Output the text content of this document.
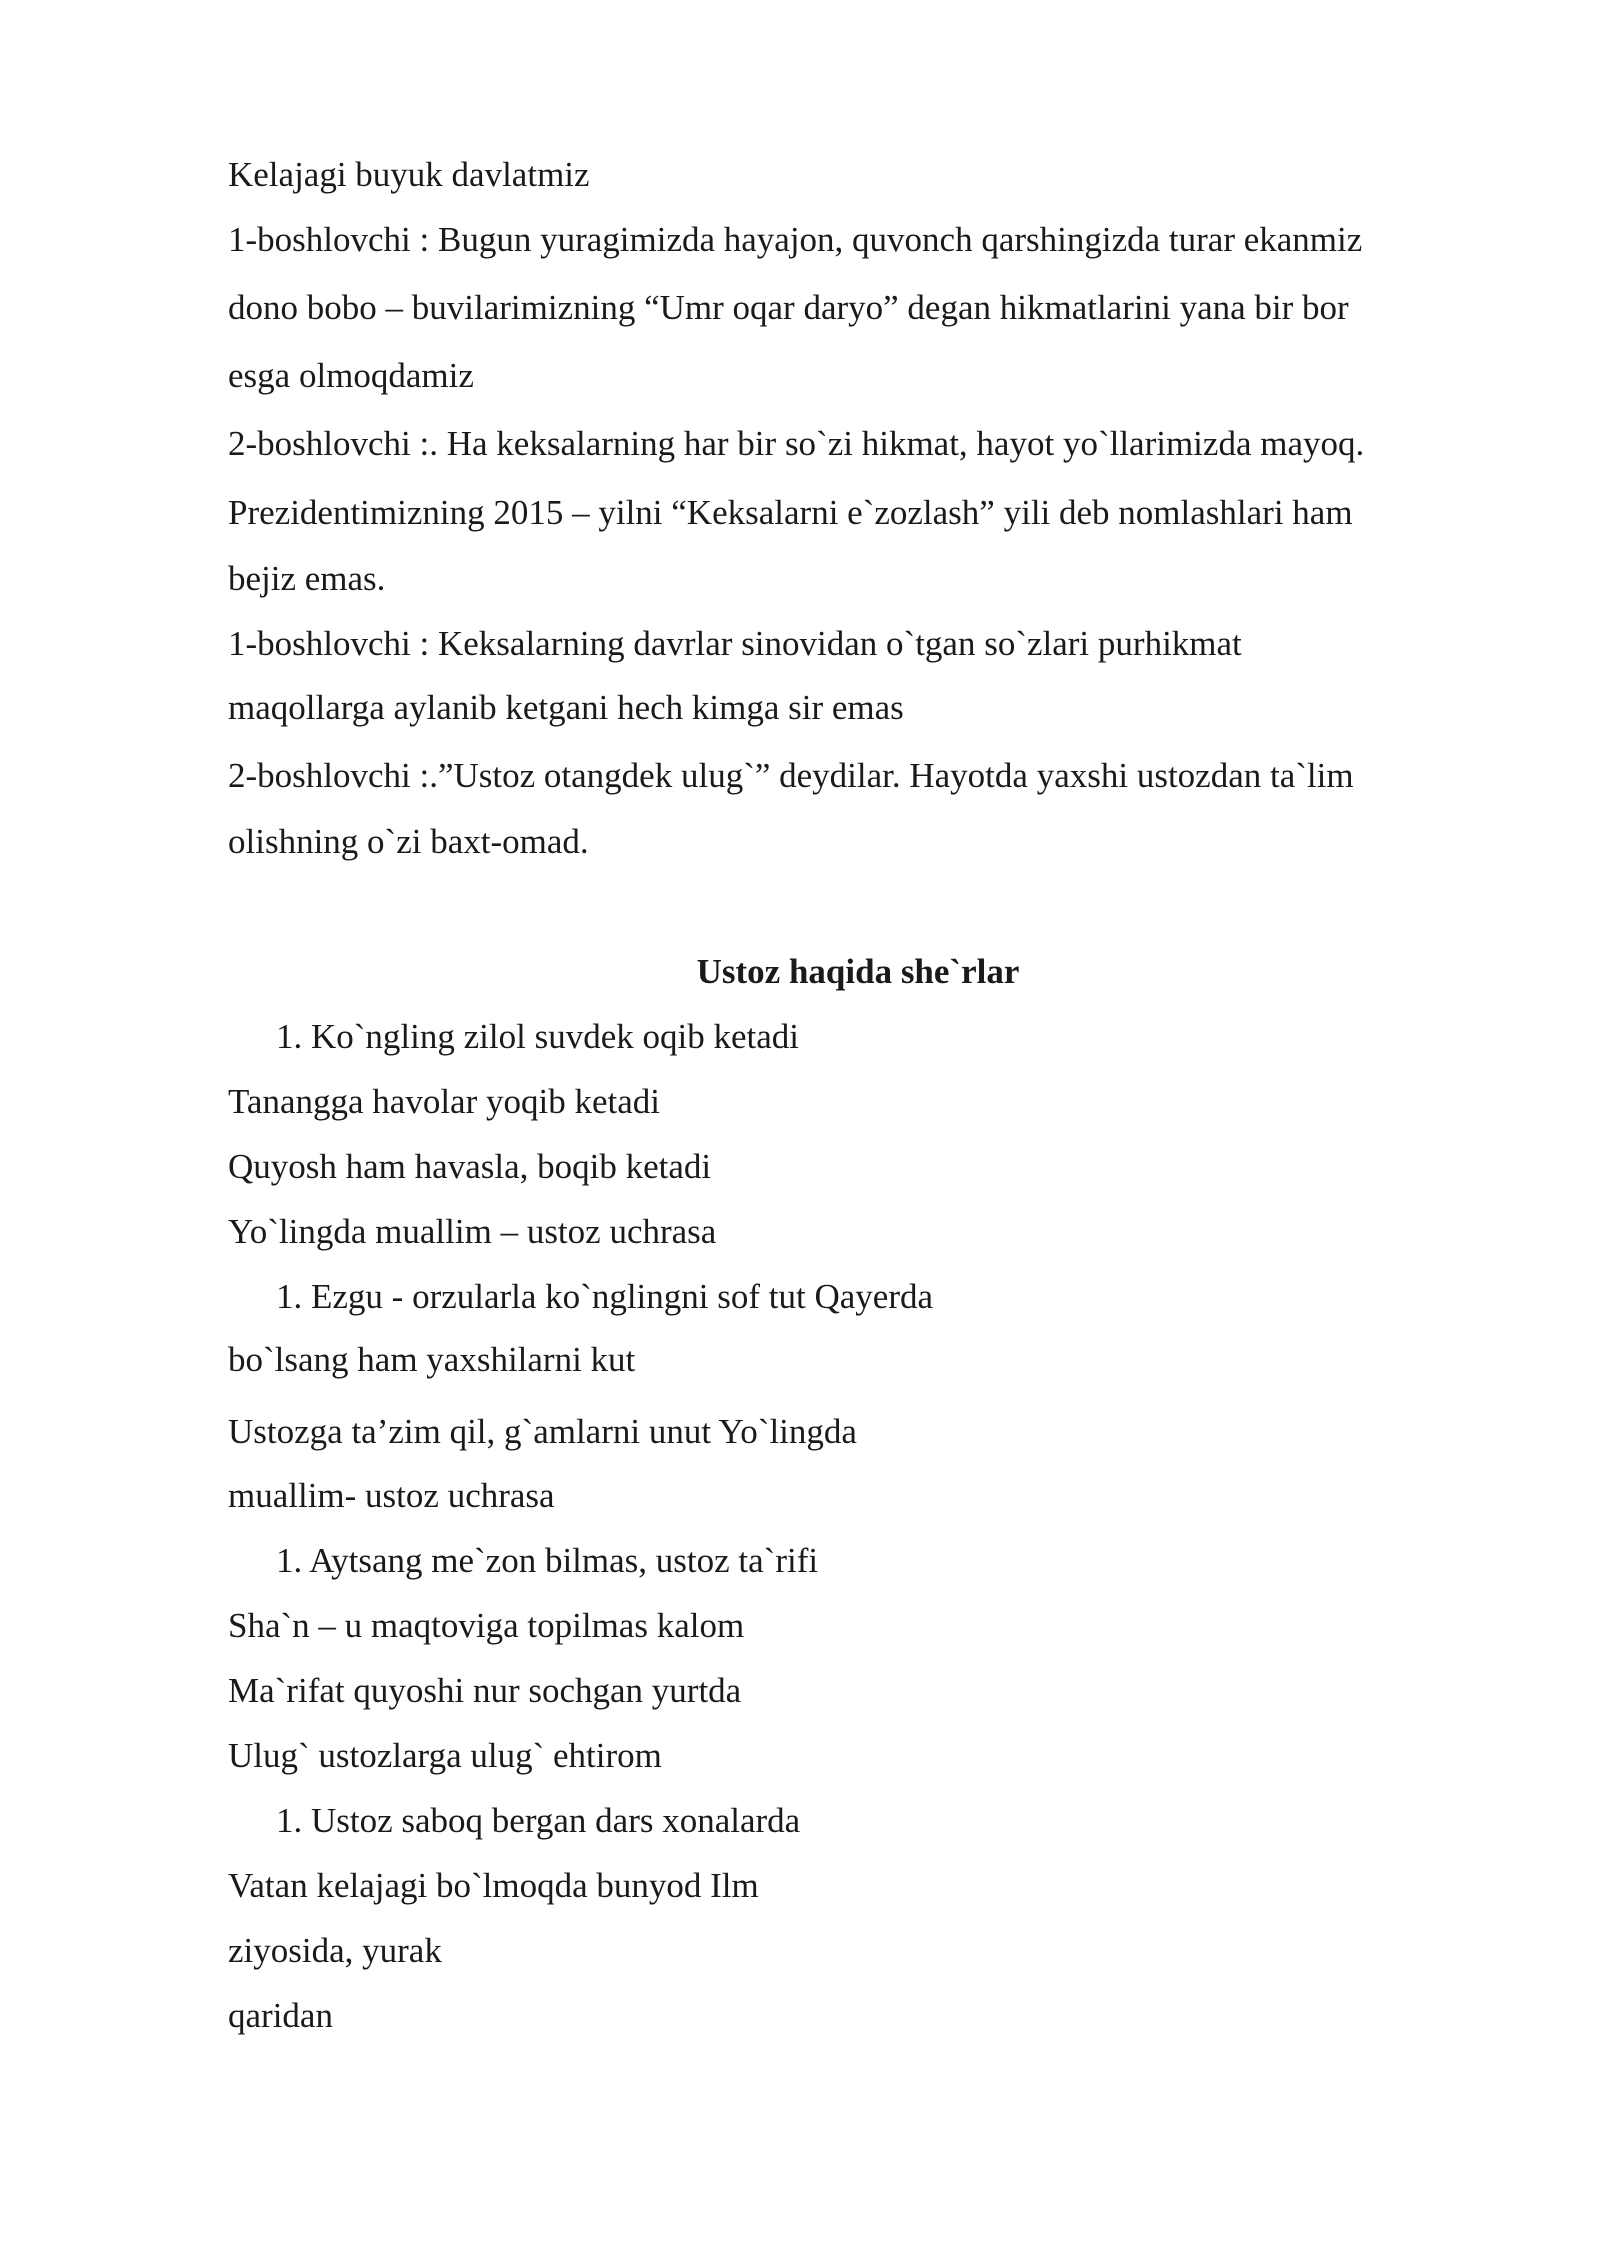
Kelajagi buyuk davlatmiz
1-boshlovchi : Bugun yuragimizda hayajon, quvonch qarshingizda turar ekanmiz
dono bobo – buvilarimizning “Umr oqar daryo” degan hikmatlarini yana bir bor
esga olmoqdamiz
2-boshlovchi :. Ha keksalarning har bir so`zi hikmat, hayot yo`llarimizda mayoq.
Prezidentimizning 2015 – yilni “Keksalarni e`zozlash” yili deb nomlashlari ham
bejiz emas.
1-boshlovchi : Keksalarning davrlar sinovidan o`tgan so`zlari purhikmat
maqollarga aylanib ketgani hech kimga sir emas
2-boshlovchi :.”Ustoz otangdek ulug`” deydilar. Hayotda yaxshi ustozdan ta`lim
olishning o`zi baxt-omad.
Ustoz haqida she`rlar
1. Ko`ngling zilol suvdek oqib ketadi
Tanangga havolar yoqib ketadi
Quyosh ham havasla, boqib ketadi
Yo`lingda muallim – ustoz uchrasa
1. Ezgu - orzularla ko`nglingni sof tut Qayerda
bo`lsang ham yaxshilarni kut
Ustozga ta’zim qil, g`amlarni unut Yo`lingda
muallim- ustoz uchrasa
1. Aytsang me`zon bilmas, ustoz ta`rifi
Sha`n – u maqtoviga topilmas kalom
Ma`rifat quyoshi nur sochgan yurtda
Ulug` ustozlarga ulug` ehtirom
1. Ustoz saboq bergan dars xonalarda
Vatan kelajagi bo`lmoqda bunyod Ilm
ziyosida, yurak
qaridan
